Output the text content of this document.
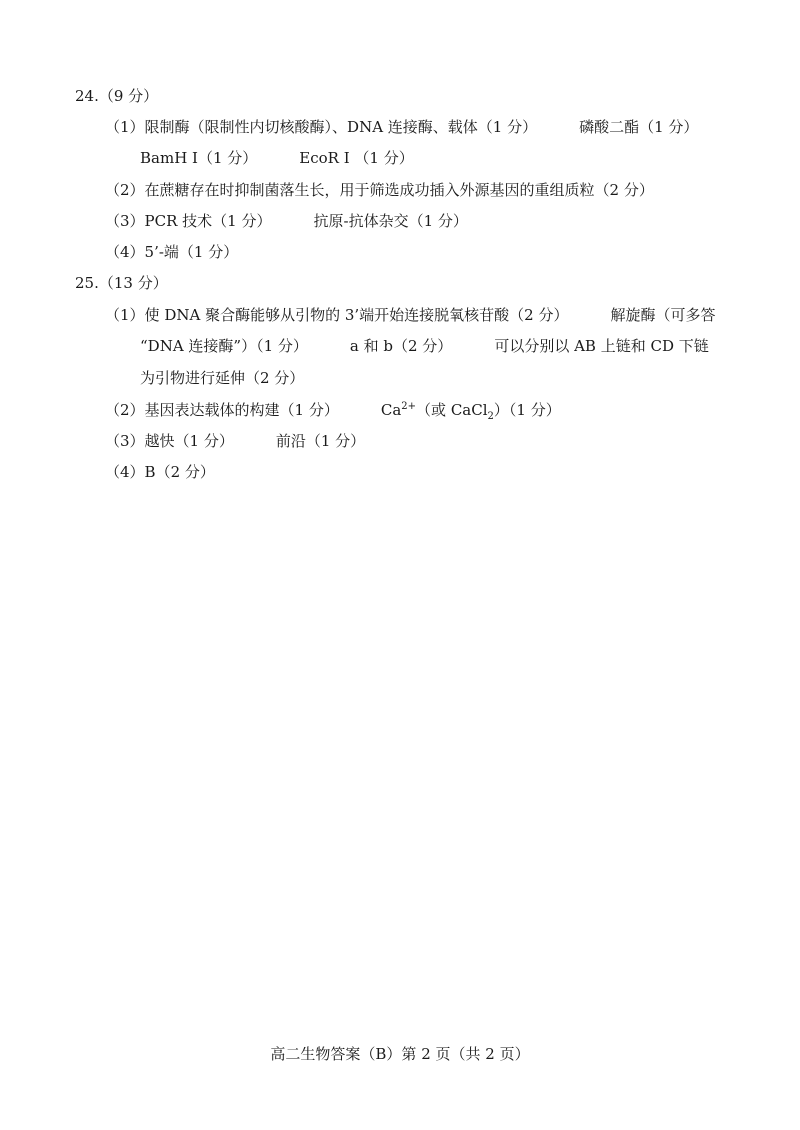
24.（9 分）
（1）限制酶（限制性内切核酸酶）、DNA 连接酶、载体（1 分）	磷酸二酯（1 分）
BamH I（1 分）	EcoR I （1 分）
（2）在蔗糖存在时抑制菌落生长，用于筛选成功插入外源基因的重组质粒（2 分）
（3）PCR 技术（1 分）	抗原-抗体杂交（1 分）
（4）5’-端（1 分）
25.（13 分）
（1）使 DNA 聚合酶能够从引物的 3’端开始连接脱氧核苷酸（2 分）	解旋酶（可多答
“DNA 连接酶”）（1 分）	a 和 b（2 分）	可以分别以 AB 上链和 CD 下链
为引物进行延伸（2 分）
（2）基因表达载体的构建（1 分）	$Ca^{2+}$（或 CaCl$_2$）（1 分）
（3）越快（1 分）	前沿（1 分）
（4）B（2 分）
高二生物答案（B）第 2 页（共 2 页）
